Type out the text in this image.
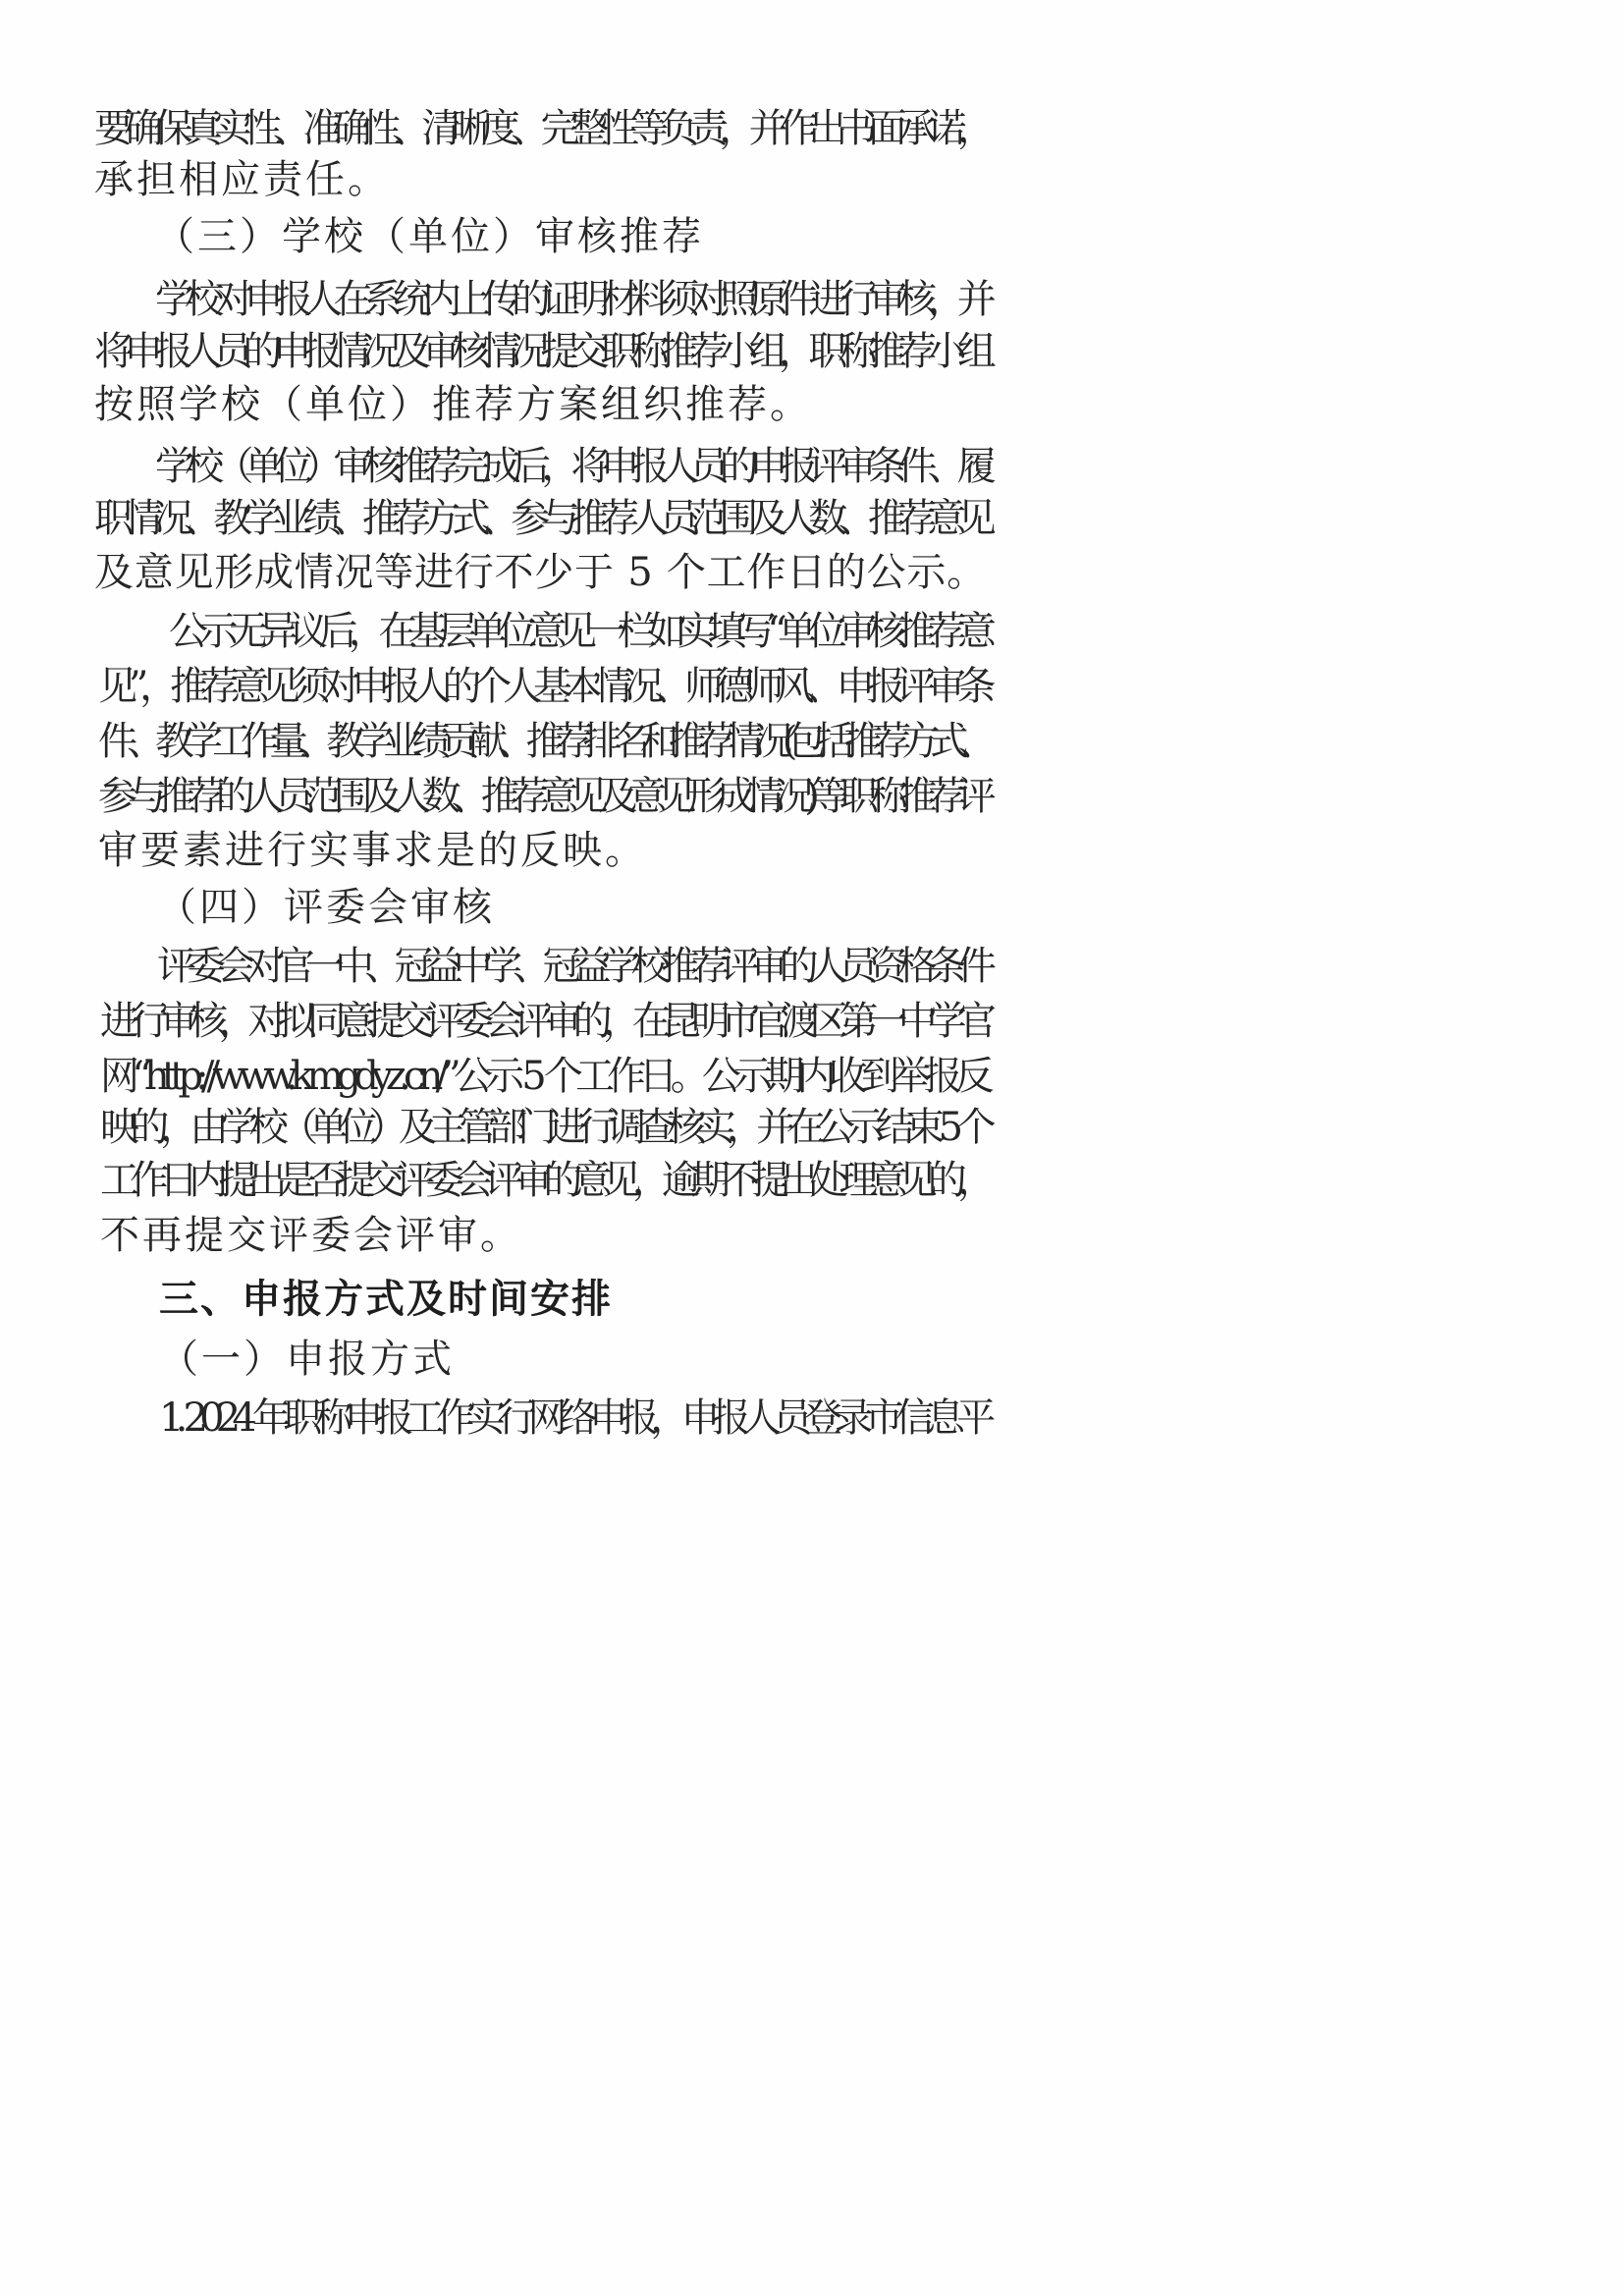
要确保真实性、准确性、清晰度、完整性等负责，并作出书面承诺，
承担相应责任。
（三）学校（单位）审核推荐
学校对申报人在系统内上传的证明材料须对照原件进行审核，并
将申报人员的申报情况及审核情况提交职称推荐小组，职称推荐小组
按照学校（单位）推荐方案组织推荐。
学校（单位）审核推荐完成后，将申报人员的申报评审条件、履
职情况、教学业绩、推荐方式、参与推荐人员范围及人数、推荐意见
及意见形成情况等进行不少于 5 个工作日的公示。
公示无异议后，在基层单位意见一栏如实填写“单位审核推荐意
见”，推荐意见须对申报人的个人基本情况、师德师风、申报评审条
件、教学工作量、教学业绩贡献、推荐排名和推荐情况(包括推荐方式、
参与推荐的人员范围及人数、推荐意见及意见形成情况)等职称推荐评
审要素进行实事求是的反映。
（四）评委会审核
评委会对官一中、冠益中学、冠益学校推荐评审的人员资格条件
进行审核，对拟同意提交评委会评审的，在昆明市官渡区第一中学官
网“http://www.kmgdyz.cn/”公示 5 个工作日。公示期内收到举报反
映的，由学校（单位）及主管部门进行调查核实，并在公示结束 5 个
工作日内提出是否提交评委会评审的意见，逾期不提出处理意见的，
不再提交评委会评审。
三、申报方式及时间安排
（一）申报方式
1. 2024 年职称申报工作实行网络申报，申报人员登录市信息平
